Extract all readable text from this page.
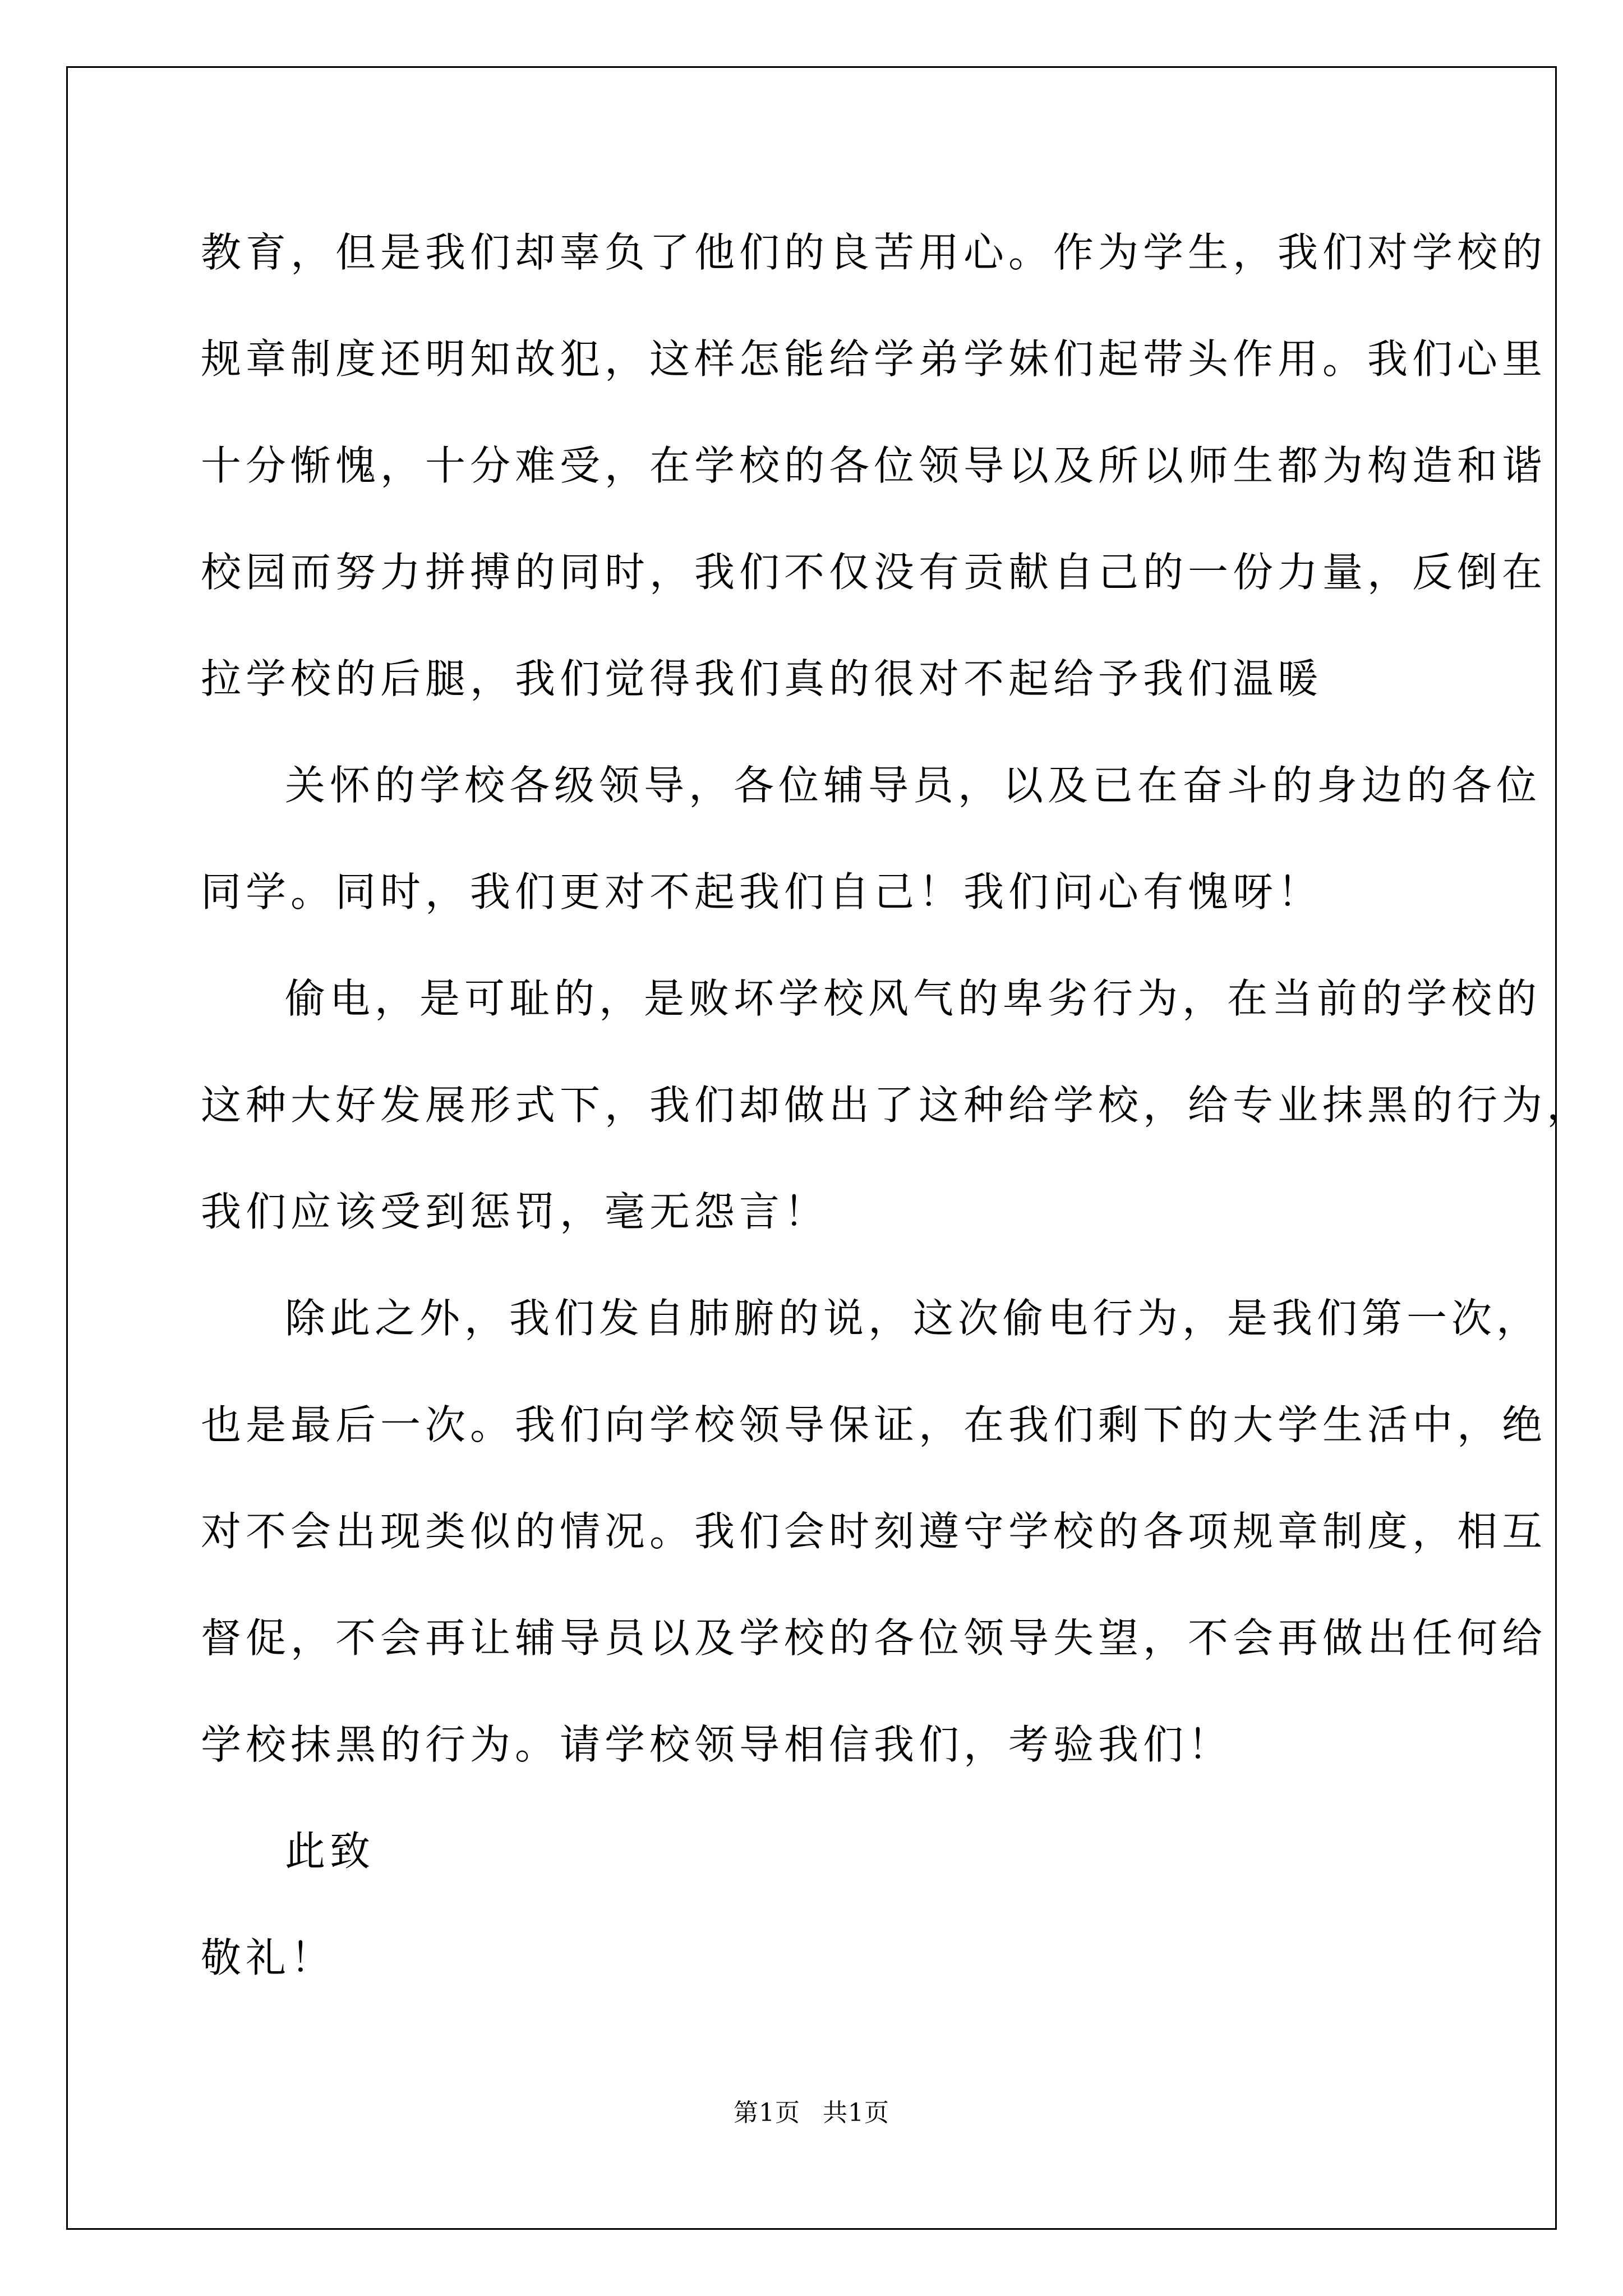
教育，但是我们却辜负了他们的良苦用心。作为学生，我们对学校的
规章制度还明知故犯，这样怎能给学弟学妹们起带头作用。我们心里
十分惭愧，十分难受，在学校的各位领导以及所以师生都为构造和谐
校园而努力拼搏的同时，我们不仅没有贡献自己的一份力量，反倒在
拉学校的后腿，我们觉得我们真的很对不起给予我们温暖
关怀的学校各级领导，各位辅导员，以及已在奋斗的身边的各位
同学。同时，我们更对不起我们自己！我们问心有愧呀！
偷电，是可耻的，是败坏学校风气的卑劣行为，在当前的学校的
这种大好发展形式下，我们却做出了这种给学校，给专业抹黑的行为，
我们应该受到惩罚，毫无怨言！
除此之外，我们发自肺腑的说，这次偷电行为，是我们第一次，
也是最后一次。我们向学校领导保证，在我们剩下的大学生活中，绝
对不会出现类似的情况。我们会时刻遵守学校的各项规章制度，相互
督促，不会再让辅导员以及学校的各位领导失望，不会再做出任何给
学校抹黑的行为。请学校领导相信我们，考验我们！
此致
敬礼！
第1页 共1页
